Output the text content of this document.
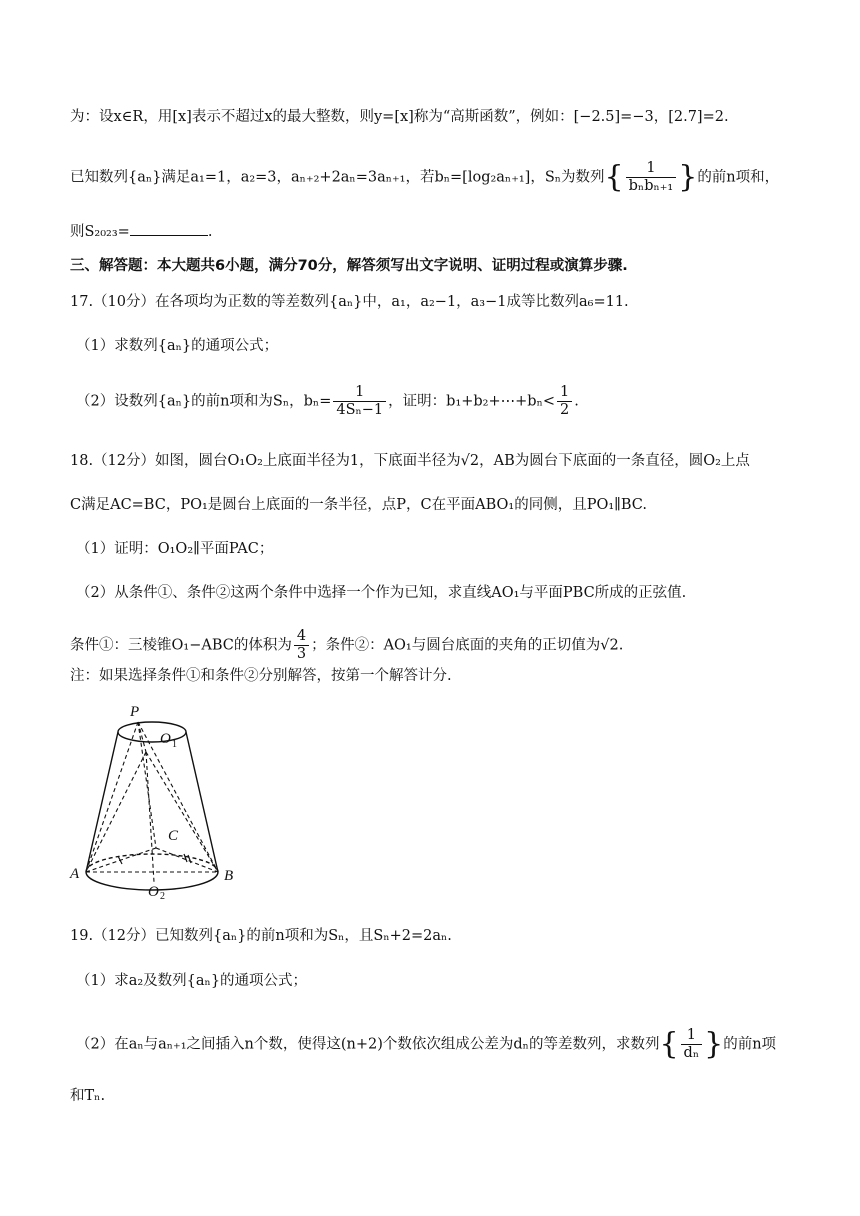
为：设x∈R，用[x]表示不超过x的最大整数，则y=[x]称为“高斯函数”，例如：[−2.5]=−3，[2.7]=2.
已知数列{aₙ}满足a₁=1，a₂=3，aₙ₊₂+2aₙ=3aₙ₊₁，若bₙ=[log₂aₙ₊₁]，Sₙ为数列{ $\frac{1}{\text{bₙbₙ₊₁}}$ }的前n项和，
则S₂₀₂₃=	.
三、解答题：本大题共6小题，满分70分，解答须写出文字说明、证明过程或演算步骤.
17.（10分）在各项均为正数的等差数列{aₙ}中，a₁，a₂−1，a₃−1成等比数列a₆=11.
（1）求数列{aₙ}的通项公式；
（2）设数列{aₙ}的前n项和为Sₙ，$b_n= \frac{1}{\text{4Sₙ−1}}$ ，证明：b₁+b₂+⋯+bₙ< $\frac{1}{2}$ .
18.（12分）如图，圆台O₁O₂上底面半径为1，下底面半径为√2，AB为圆台下底面的一条直径，圆O₂上点
C满足AC=BC，PO₁是圆台上底面的一条半径，点P，C在平面ABO₁的同侧，且PO₁∥BC.
（1）证明：O₁O₂∥平面PAC；
（2）从条件①、条件②这两个条件中选择一个作为已知，求直线AO₁与平面PBC所成的正弦值.
条件①：三棱锥O₁−ABC的体积为 $\frac{4}{3}$ ；条件②：AO₁与圆台底面的夹角的正切值为√2.
注：如果选择条件①和条件②分别解答，按第一个解答计分.
P
O 1
C
A	B
O 2
19.（12分）已知数列{aₙ}的前n项和为Sₙ，且Sₙ+2=2aₙ.
（1）求a₂及数列{aₙ}的通项公式；
（2）在aₙ与aₙ₊₁之间插入n个数，使得这(n+2)个数依次组成公差为dₙ的等差数列，求数列{ $\frac{1}{\text{dₙ}}$ }的前n项
和Tₙ.
